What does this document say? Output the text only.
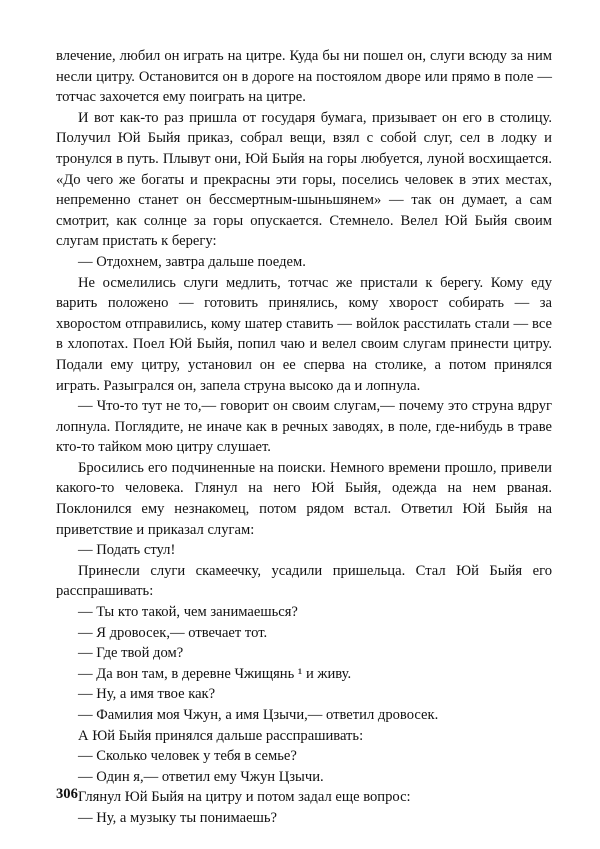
влечение, любил он играть на цитре. Куда бы ни пошел он, слуги всюду за ним несли цитру. Остановится он в дороге на постоялом дворе или прямо в поле — тотчас захочется ему поиграть на цитре.

И вот как-то раз пришла от государя бумага, призывает он его в столицу. Получил Юй Быйя приказ, собрал вещи, взял с собой слуг, сел в лодку и тронулся в путь. Плывут они, Юй Быйя на горы любуется, луной восхищается. «До чего же богаты и прекрасны эти горы, поселись человек в этих местах, непременно станет он бессмертным-шыньшянем» — так он думает, а сам смотрит, как солнце за горы опускается. Стемнело. Велел Юй Быйя своим слугам пристать к берегу:

— Отдохнем, завтра дальше поедем.

Не осмелились слуги медлить, тотчас же пристали к берегу. Кому еду варить положено — готовить принялись, кому хворост собирать — за хворостом отправились, кому шатер ставить — войлок расстилать стали — все в хлопотах. Поел Юй Быйя, попил чаю и велел своим слугам принести цитру. Подали ему цитру, установил он ее сперва на столике, а потом принялся играть. Разыгрался он, запела струна высоко да и лопнула.

— Что-то тут не то,— говорит он своим слугам,— почему это струна вдруг лопнула. Поглядите, не иначе как в речных заводях, в поле, где-нибудь в траве кто-то тайком мою цитру слушает.

Бросились его подчиненные на поиски. Немного времени прошло, привели какого-то человека. Глянул на него Юй Быйя, одежда на нем рваная. Поклонился ему незнакомец, потом рядом встал. Ответил Юй Быйя на приветствие и приказал слугам:

— Подать стул!

Принесли слуги скамеечку, усадили пришельца. Стал Юй Быйя его расспрашивать:

— Ты кто такой, чем занимаешься?

— Я дровосек,— отвечает тот.

— Где твой дом?

— Да вон там, в деревне Чжищянь ¹ и живу.

— Ну, а имя твое как?

— Фамилия моя Чжун, а имя Цзычи,— ответил дровосек.

А Юй Быйя принялся дальше расспрашивать:

— Сколько человек у тебя в семье?

— Один я,— ответил ему Чжун Цзычи.

Глянул Юй Быйя на цитру и потом задал еще вопрос:

— Ну, а музыку ты понимаешь?

306
